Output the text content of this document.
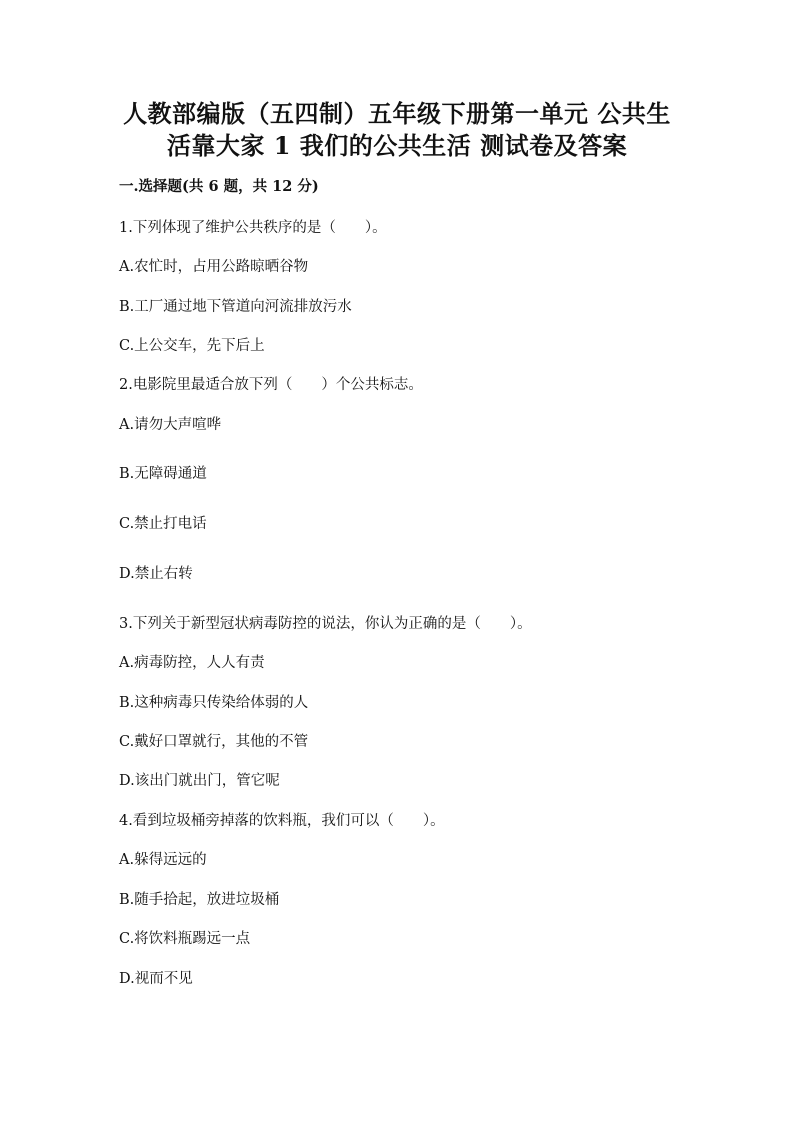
人教部编版（五四制）五年级下册第一单元 公共生
活靠大家 1 我们的公共生活 测试卷及答案
一.选择题(共 6 题，共 12 分)
1.下列体现了维护公共秩序的是（　　）。
A.农忙时，占用公路晾晒谷物
B.工厂通过地下管道向河流排放污水
C.上公交车，先下后上
2.电影院里最适合放下列（　　）个公共标志。
A.请勿大声喧哗
B.无障碍通道
C.禁止打电话
D.禁止右转
3.下列关于新型冠状病毒防控的说法，你认为正确的是（　　）。
A.病毒防控，人人有责
B.这种病毒只传染给体弱的人
C.戴好口罩就行，其他的不管
D.该出门就出门，管它呢
4.看到垃圾桶旁掉落的饮料瓶，我们可以（　　）。
A.躲得远远的
B.随手拾起，放进垃圾桶
C.将饮料瓶踢远一点
D.视而不见
